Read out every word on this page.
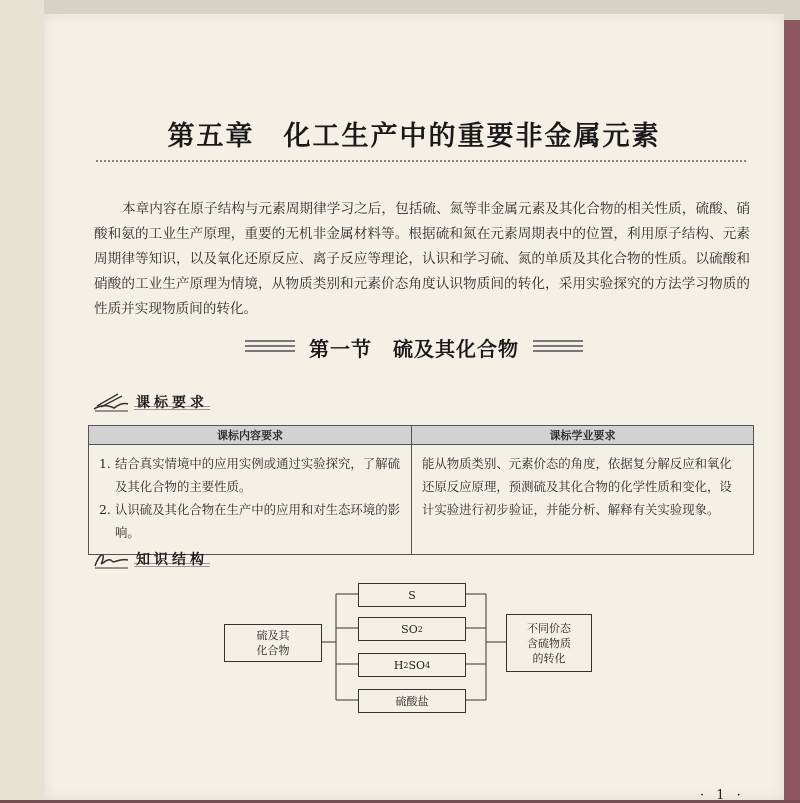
第五章　化工生产中的重要非金属元素

本章内容在原子结构与元素周期律学习之后，包括硫、氮等非金属元素及其化合物的相关性质，硫酸、硝酸和氨的工业生产原理，重要的无机非金属材料等。根据硫和氮在元素周期表中的位置，利用原子结构、元素周期律等知识，以及氧化还原反应、离子反应等理论，认识和学习硫、氮的单质及其化合物的性质。以硫酸和硝酸的工业生产原理为情境，从物质类别和元素价态角度认识物质间的转化，采用实验探究的方法学习物质的性质并实现物质间的转化。

第一节　硫及其化合物
课标要求
课标内容要求	课标学业要求

1. 结合真实情境中的应用实例或通过实验探究，了解硫及其化合物的主要性质。
2. 认识硫及其化合物在生产中的应用和对生态环境的影响。	能从物质类别、元素价态的角度，依据复分解反应和氧化还原反应原理，预测硫及其化合物的化学性质和变化，设计实验进行初步验证，并能分析、解释有关实验现象。
知识结构
硫及其
化合物
S
SO 2
H 2 SO 4
硫酸盐
不同价态
含硫物质
的转化
· 1 ·
